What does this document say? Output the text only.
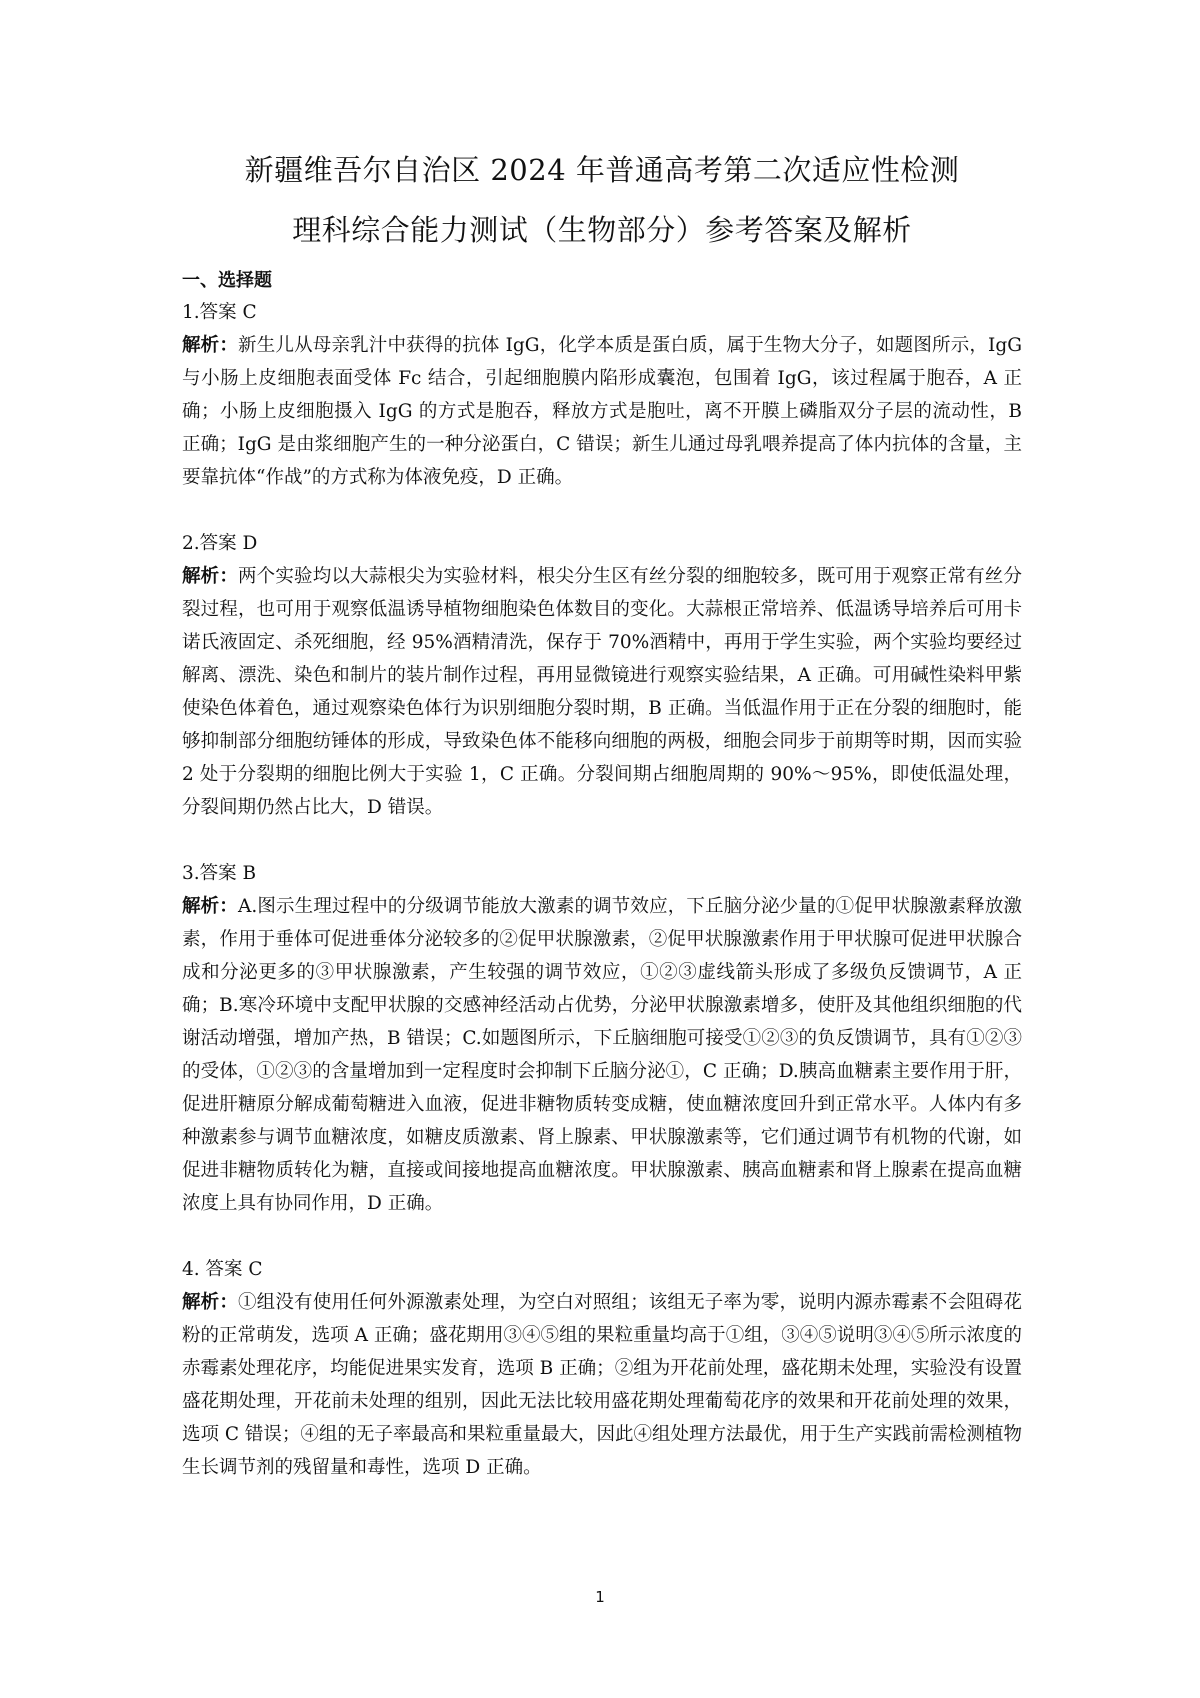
新疆维吾尔自治区 2024 年普通高考第二次适应性检测
理科综合能力测试（生物部分）参考答案及解析
一、选择题

1.答案 C

解析：新生儿从母亲乳汁中获得的抗体 IgG，化学本质是蛋白质，属于生物大分子，如题图所示，IgG 与小肠上皮细胞表面受体 Fc 结合，引起细胞膜内陷形成囊泡，包围着 IgG，该过程属于胞吞，A 正确；小肠上皮细胞摄入 IgG 的方式是胞吞，释放方式是胞吐，离不开膜上磷脂双分子层的流动性，B 正确；IgG 是由浆细胞产生的一种分泌蛋白，C 错误；新生儿通过母乳喂养提高了体内抗体的含量，主要靠抗体“作战”的方式称为体液免疫，D 正确。

2.答案 D

解析：两个实验均以大蒜根尖为实验材料，根尖分生区有丝分裂的细胞较多，既可用于观察正常有丝分裂过程，也可用于观察低温诱导植物细胞染色体数目的变化。大蒜根正常培养、低温诱导培养后可用卡诺氏液固定、杀死细胞，经 95%酒精清洗，保存于 70%酒精中，再用于学生实验，两个实验均要经过解离、漂洗、染色和制片的装片制作过程，再用显微镜进行观察实验结果，A 正确。可用碱性染料甲紫使染色体着色，通过观察染色体行为识别细胞分裂时期，B 正确。当低温作用于正在分裂的细胞时，能够抑制部分细胞纺锤体的形成，导致染色体不能移向细胞的两极，细胞会同步于前期等时期，因而实验 2 处于分裂期的细胞比例大于实验 1，C 正确。分裂间期占细胞周期的 90%～95%，即使低温处理，分裂间期仍然占比大，D 错误。

3.答案 B

解析：A.图示生理过程中的分级调节能放大激素的调节效应，下丘脑分泌少量的①促甲状腺激素释放激素，作用于垂体可促进垂体分泌较多的②促甲状腺激素，②促甲状腺激素作用于甲状腺可促进甲状腺合成和分泌更多的③甲状腺激素，产生较强的调节效应，①②③虚线箭头形成了多级负反馈调节，A 正确；B.寒冷环境中支配甲状腺的交感神经活动占优势，分泌甲状腺激素增多，使肝及其他组织细胞的代谢活动增强，增加产热，B 错误；C.如题图所示，下丘脑细胞可接受①②③的负反馈调节，具有①②③的受体，①②③的含量增加到一定程度时会抑制下丘脑分泌①，C 正确；D.胰高血糖素主要作用于肝，促进肝糖原分解成葡萄糖进入血液，促进非糖物质转变成糖，使血糖浓度回升到正常水平。人体内有多种激素参与调节血糖浓度，如糖皮质激素、肾上腺素、甲状腺激素等，它们通过调节有机物的代谢，如促进非糖物质转化为糖，直接或间接地提高血糖浓度。甲状腺激素、胰高血糖素和肾上腺素在提高血糖浓度上具有协同作用，D 正确。

4. 答案 C

解析：①组没有使用任何外源激素处理，为空白对照组；该组无子率为零，说明内源赤霉素不会阻碍花粉的正常萌发，选项 A 正确；盛花期用③④⑤组的果粒重量均高于①组，③④⑤说明③④⑤所示浓度的赤霉素处理花序，均能促进果实发育，选项 B 正确；②组为开花前处理，盛花期未处理，实验没有设置盛花期处理，开花前未处理的组别，因此无法比较用盛花期处理葡萄花序的效果和开花前处理的效果，选项 C 错误；④组的无子率最高和果粒重量最大，因此④组处理方法最优，用于生产实践前需检测植物生长调节剂的残留量和毒性，选项 D 正确。

1
